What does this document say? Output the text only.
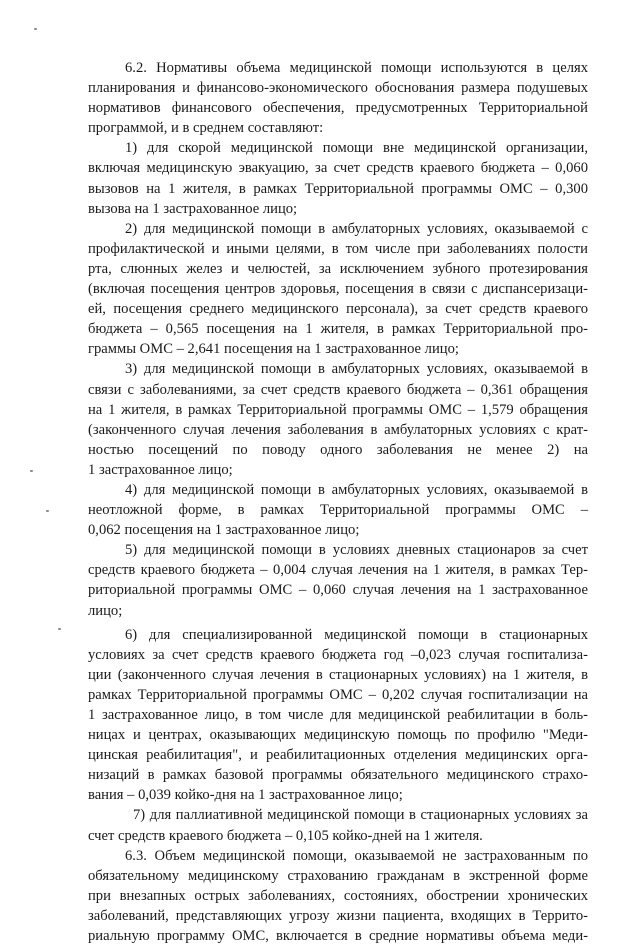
6.2. Нормативы объема медицинской помощи используются в целях
планирования и финансово-экономического обоснования размера подушевых
нормативов финансового обеспечения, предусмотренных Территориальной
программой, и в среднем составляют:
1) для скорой медицинской помощи вне медицинской организации,
включая медицинскую эвакуацию, за счет средств краевого бюджета – 0,060
вызовов на 1 жителя, в рамках Территориальной программы ОМС – 0,300
вызова на 1 застрахованное лицо;
2) для медицинской помощи в амбулаторных условиях, оказываемой с
профилактической и иными целями, в том числе при заболеваниях полости
рта, слюнных желез и челюстей, за исключением зубного протезирования
(включая посещения центров здоровья, посещения в связи с диспансеризаци-
ей, посещения среднего медицинского персонала), за счет средств краевого
бюджета – 0,565 посещения на 1 жителя, в рамках Территориальной про-
граммы ОМС – 2,641 посещения на 1 застрахованное лицо;
3) для медицинской помощи в амбулаторных условиях, оказываемой в
связи с заболеваниями, за счет средств краевого бюджета – 0,361 обращения
на 1 жителя, в рамках Территориальной программы ОМС – 1,579 обращения
(законченного случая лечения заболевания в амбулаторных условиях с крат-
ностью посещений по поводу одного заболевания не менее 2) на
1 застрахованное лицо;
4) для медицинской помощи в амбулаторных условиях, оказываемой в
неотложной форме, в рамках Территориальной программы ОМС –
0,062 посещения на 1 застрахованное лицо;
5) для медицинской помощи в условиях дневных стационаров за счет
средств краевого бюджета – 0,004 случая лечения на 1 жителя, в рамках Тер-
риториальной программы ОМС – 0,060 случая лечения на 1 застрахованное
лицо;
6) для специализированной медицинской помощи в стационарных
условиях за счет средств краевого бюджета год –0,023 случая госпитализа-
ции (законченного случая лечения в стационарных условиях) на 1 жителя, в
рамках Территориальной программы ОМС – 0,202 случая госпитализации на
1 застрахованное лицо, в том числе для медицинской реабилитации в боль-
ницах и центрах, оказывающих медицинскую помощь по профилю "Меди-
цинская реабилитация", и реабилитационных отделения медицинских орга-
низаций в рамках базовой программы обязательного медицинского страхо-
вания – 0,039 койко-дня на 1 застрахованное лицо;
7) для паллиативной медицинской помощи в стационарных условиях за
счет средств краевого бюджета – 0,105 койко-дней на 1 жителя.
6.3. Объем медицинской помощи, оказываемой не застрахованным по
обязательному медицинскому страхованию гражданам в экстренной форме
при внезапных острых заболеваниях, состояниях, обострении хронических
заболеваний, представляющих угрозу жизни пациента, входящих в Террито-
риальную программу ОМС, включается в средние нормативы объема меди-
